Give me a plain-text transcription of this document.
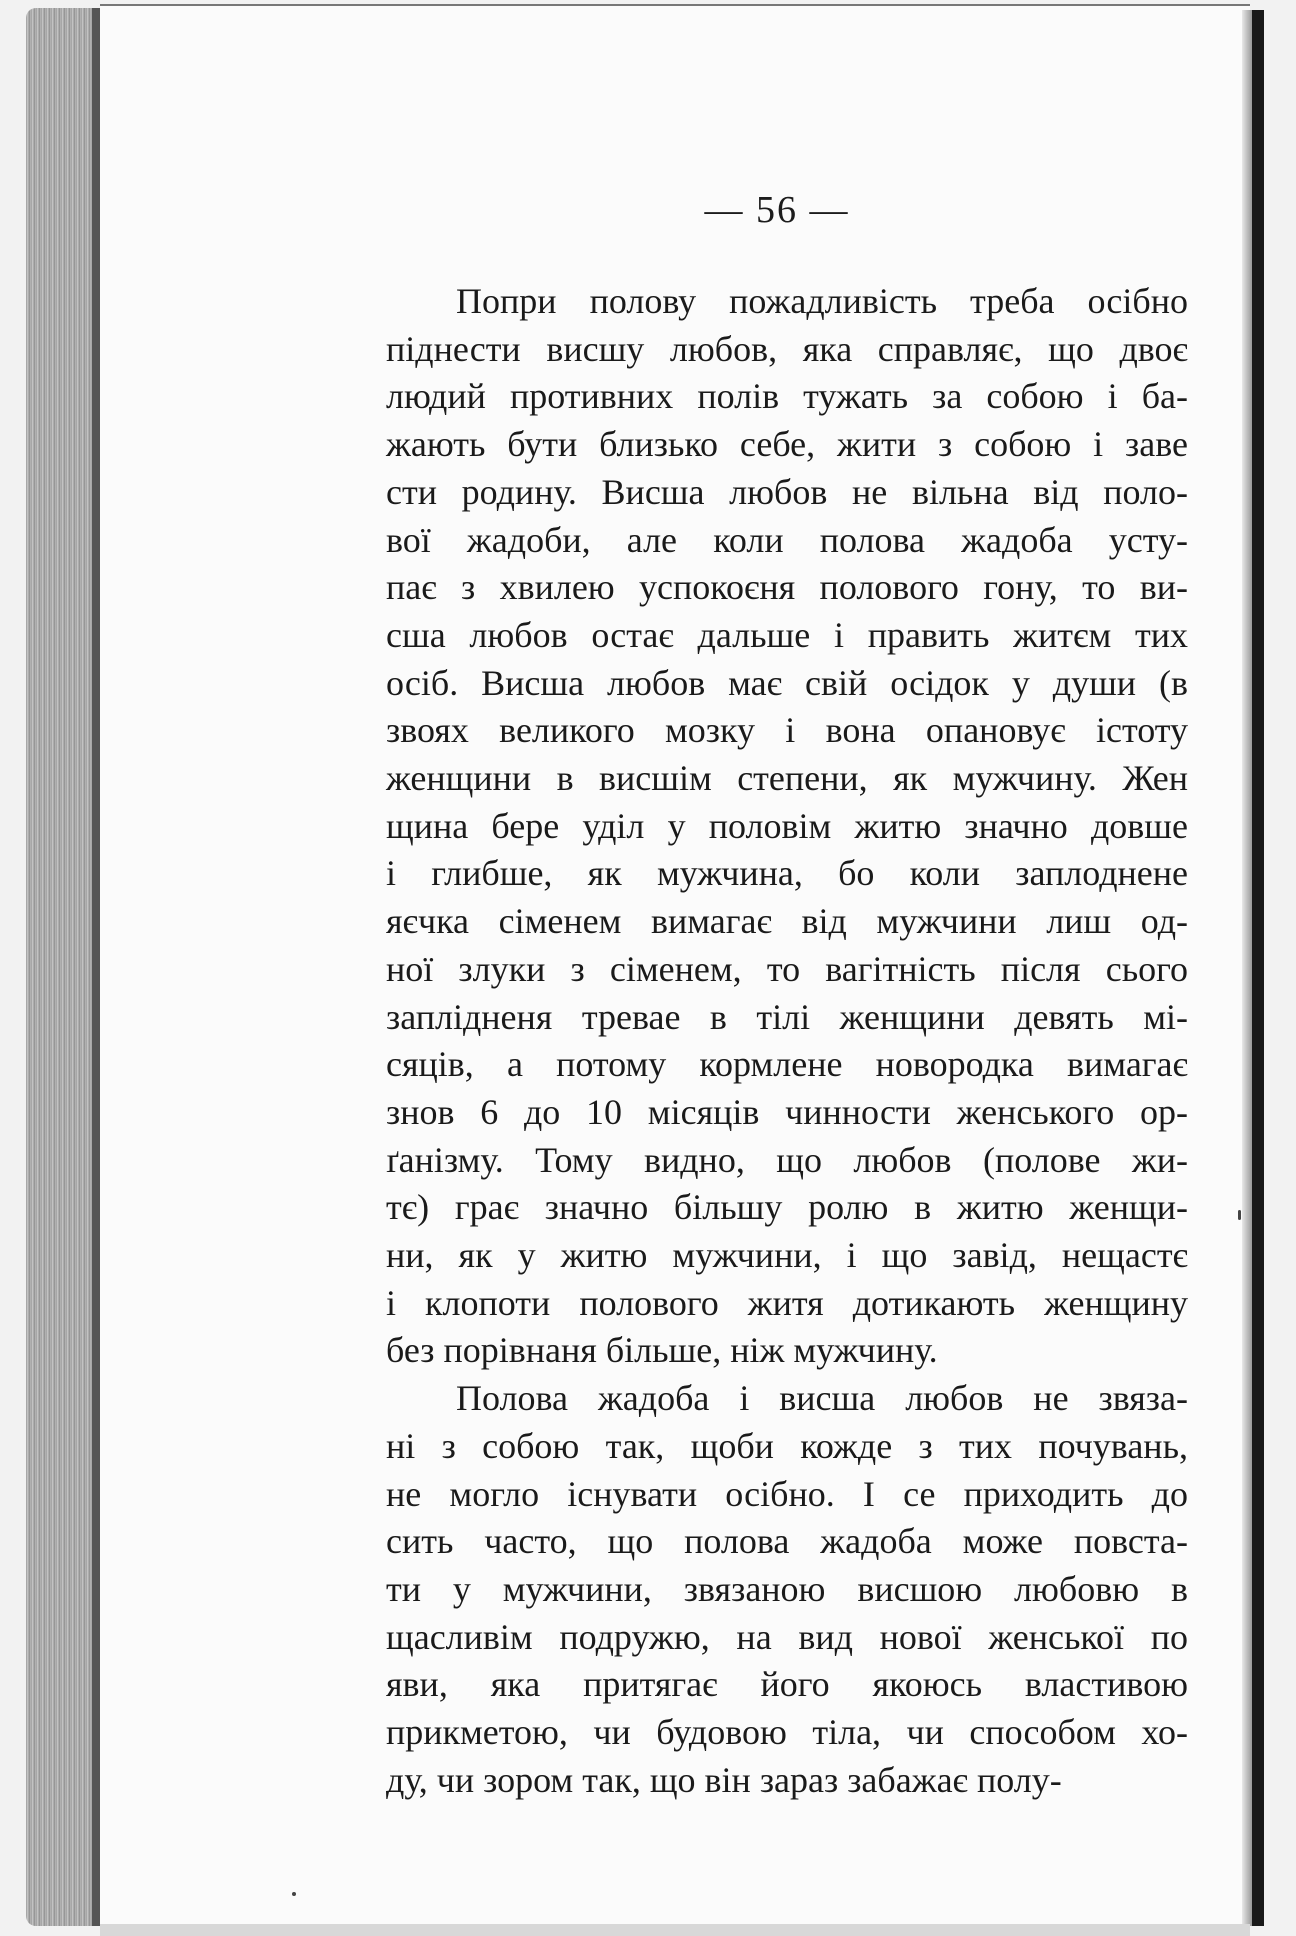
— 56 —
Попри полову пожадливість треба осібно
піднести висшу любов, яка справляє, що двоє
людий противних полів тужать за собою і ба-
жають бути близько себе, жити з собою і заве
сти родину. Висша любов не вільна від поло-
вої жадоби, але коли полова жадоба усту-
пає з хвилею успокоєня полового гону, то ви-
сша любов остає дальше і править житєм тих
осіб. Висша любов має свій осідок у души (в
звоях великого мозку і вона опановує істоту
женщини в висшім степени, як мужчину. Жен
щина бере уділ у половім житю значно довше
і глибше, як мужчина, бо коли заплоднене
яєчка сіменем вимагає від мужчини лиш од-
ної злуки з сіменем, то вагітність після сього
заплідненя тревае в тілі женщини девять мі-
сяців, а потому кормлене новородка вимагає
знов 6 до 10 місяців чинности женського ор-
ґанізму. Тому видно, що любов (полове жи-
тє) грає значно більшу ролю в житю женщи-
ни, як у житю мужчини, і що завід, нещастє
і клопоти полового житя дотикають женщину
без порівнаня більше, ніж мужчину.
Полова жадоба і висша любов не звяза-
ні з собою так, щоби кожде з тих почувань,
не могло існувати осібно. І се приходить до
сить часто, що полова жадоба може повста-
ти у мужчини, звязаною висшою любовю в
щасливім подружю, на вид нової женської по
яви, яка притягає його якоюсь властивою
прикметою, чи будовою тіла, чи способом хо-
ду, чи зором так, що він зараз забажає полу-
